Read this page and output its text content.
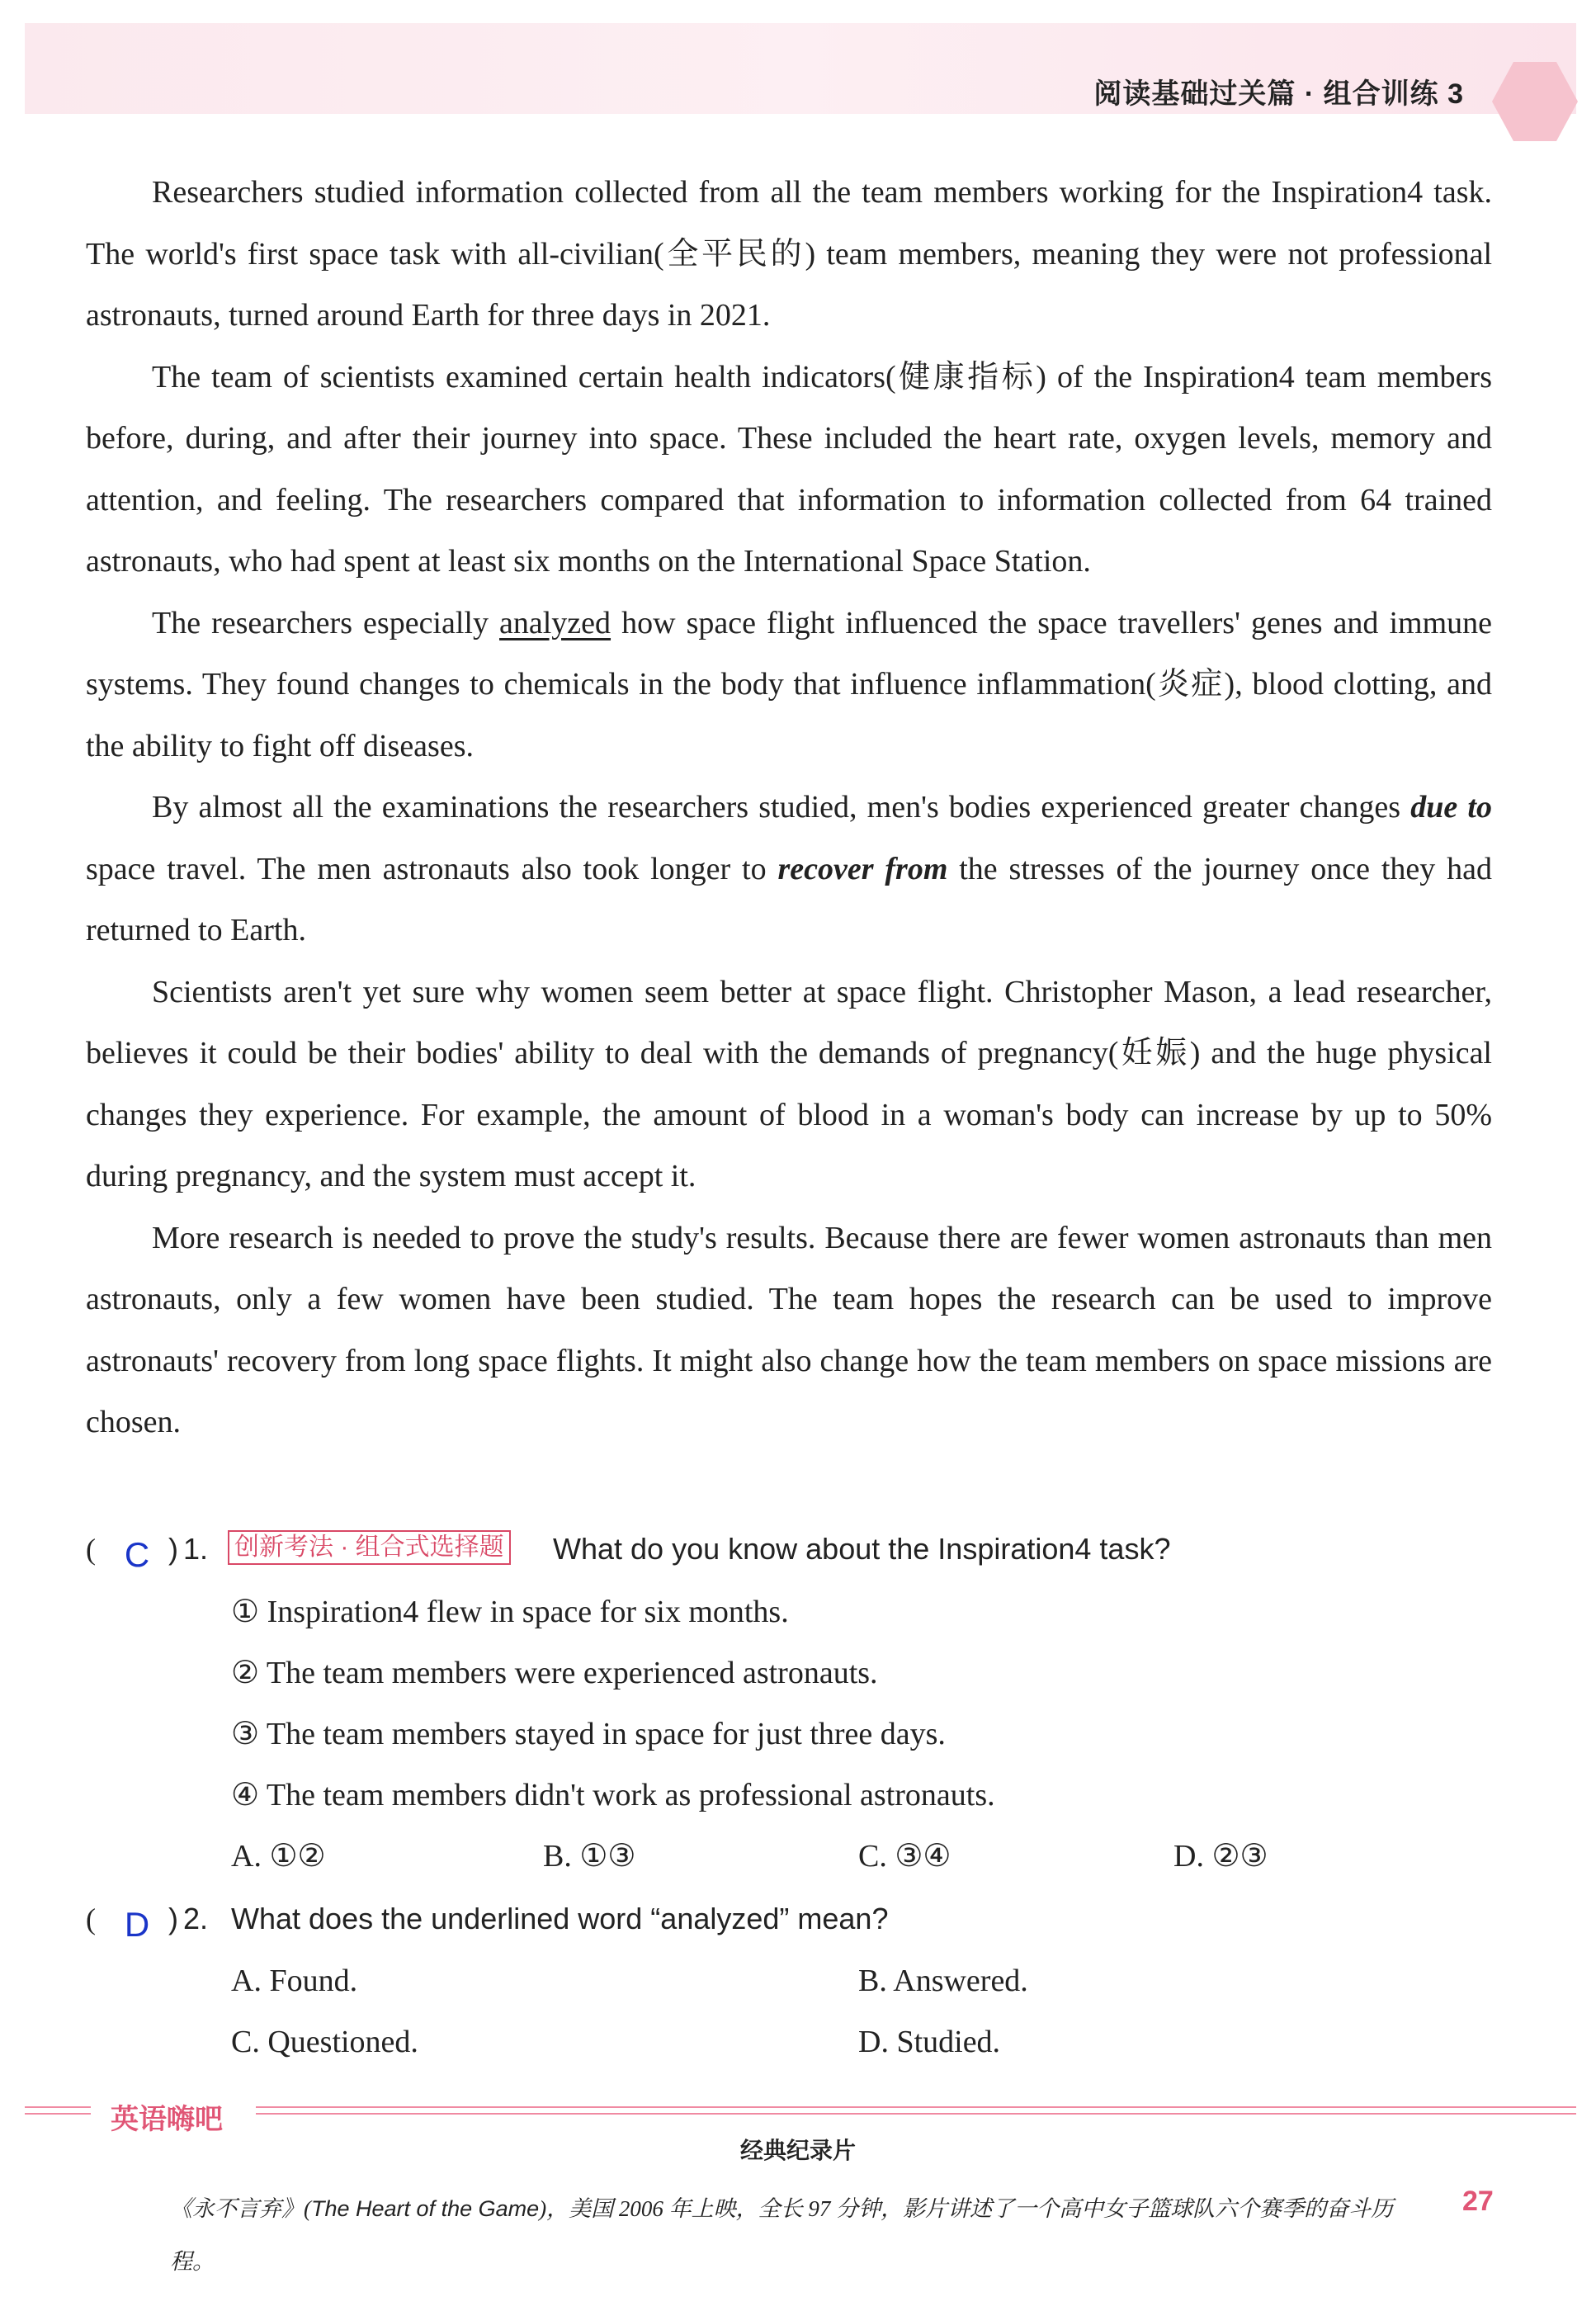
阅读基础过关篇 · 组合训练 3

Researchers studied information collected from all the team members working for the Inspiration4 task. The world's first space task with all-civilian(全平民的) team members, meaning they were not professional astronauts, turned around Earth for three days in 2021.

The team of scientists examined certain health indicators(健康指标) of the Inspiration4 team members before, during, and after their journey into space. These included the heart rate, oxygen levels, memory and attention, and feeling. The researchers compared that information to information collected from 64 trained astronauts, who had spent at least six months on the International Space Station.

The researchers especially analyzed how space flight influenced the space travellers' genes and immune systems. They found changes to chemicals in the body that influence inflammation(炎症), blood clotting, and the ability to fight off diseases.

By almost all the examinations the researchers studied, men's bodies experienced greater changes due to space travel. The men astronauts also took longer to recover from the stresses of the journey once they had returned to Earth.

Scientists aren't yet sure why women seem better at space flight. Christopher Mason, a lead researcher, believes it could be their bodies' ability to deal with the demands of pregnancy(妊娠) and the huge physical changes they experience. For example, the amount of blood in a woman's body can increase by up to 50% during pregnancy, and the system must accept it.

More research is needed to prove the study's results. Because there are fewer women astronauts than men astronauts, only a few women have been studied. The team hopes the research can be used to improve astronauts' recovery from long space flights. It might also change how the team members on space missions are chosen.

( C ) 1. 创新考法 · 组合式选择题 What do you know about the Inspiration4 task?
① Inspiration4 flew in space for six months.
② The team members were experienced astronauts.
③ The team members stayed in space for just three days.
④ The team members didn't work as professional astronauts.
A. ①②	B. ①③	C. ③④	D. ②③
( D ) 2. What does the underlined word “analyzed” mean?
A. Found.	B. Answered.
C. Questioned.	D. Studied.
英语嗨吧
经典纪录片
《永不言弃》(The Heart of the Game)，美国 2006 年上映，全长 97 分钟，影片讲述了一个高中女子篮球队六个赛季的奋斗历程。
27
